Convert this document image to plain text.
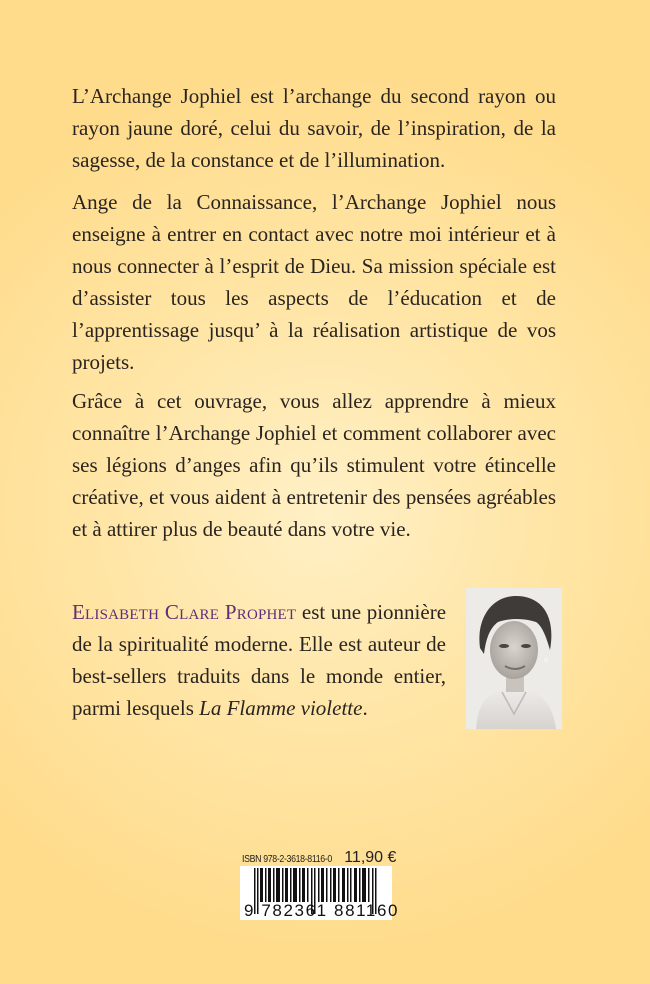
L’Archange Jophiel est l’archange du second rayon ou rayon jaune doré, celui du savoir, de l’inspiration, de la sagesse, de la constance et de l’illumination.

Ange de la Connaissance, l’Archange Jophiel nous enseigne à entrer en contact avec notre moi intérieur et à nous connecter à l’esprit de Dieu. Sa mission spéciale est d’assister tous les aspects de l’éducation et de l’apprentissage jusqu’ à la réalisation artistique de vos projets.

Grâce à cet ouvrage, vous allez apprendre à mieux connaître l’Archange Jophiel et comment collaborer avec ses légions d’anges afin qu’ils stimulent votre étincelle créative, et vous aident à entretenir des pensées agréables et à attirer plus de beauté dans votre vie.

Elisabeth Clare Prophet est une pionnière de la spiritualité moderne. Elle est auteur de best-sellers traduits dans le monde entier, parmi lesquels La Flamme violette.

ISBN 978-2-3618-8116-0 11,90 €
9 782361 881160
